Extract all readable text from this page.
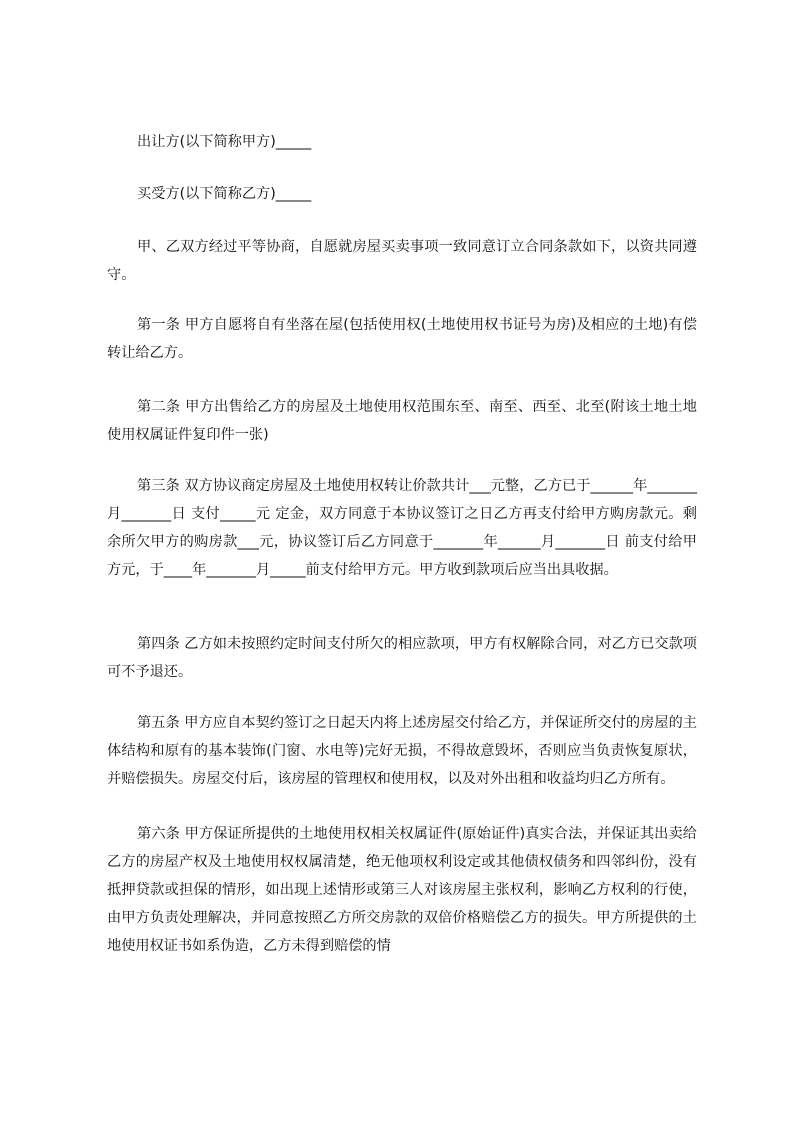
出让方(以下简称甲方)_____

买受方(以下简称乙方)_____

甲、乙双方经过平等协商，自愿就房屋买卖事项一致同意订立合同条款如下，以资共同遵守。

第一条 甲方自愿将自有坐落在屋(包括使用权(土地使用权书证号为房)及相应的土地)有偿转让给乙方。

第二条 甲方出售给乙方的房屋及土地使用权范围东至、南至、西至、北至(附该土地土地使用权属证件复印件一张)

第三条 双方协议商定房屋及土地使用权转让价款共计___元整，乙方已于______年_______月_______日 支付_____元 定金，双方同意于本协议签订之日乙方再支付给甲方购房款元。剩余所欠甲方的购房款___元，协议签订后乙方同意于_______年______月_______日 前支付给甲方元，于____年_______月_____前支付给甲方元。甲方收到款项后应当出具收据。

第四条 乙方如未按照约定时间支付所欠的相应款项，甲方有权解除合同，对乙方已交款项可不予退还。

第五条 甲方应自本契约签订之日起天内将上述房屋交付给乙方，并保证所交付的房屋的主体结构和原有的基本装饰(门窗、水电等)完好无损，不得故意毁坏，否则应当负责恢复原状，并赔偿损失。房屋交付后，该房屋的管理权和使用权，以及对外出租和收益均归乙方所有。

第六条 甲方保证所提供的土地使用权相关权属证件(原始证件)真实合法，并保证其出卖给乙方的房屋产权及土地使用权权属清楚，绝无他项权利设定或其他债权债务和四邻纠份，没有抵押贷款或担保的情形，如出现上述情形或第三人对该房屋主张权利，影响乙方权利的行使，由甲方负责处理解决，并同意按照乙方所交房款的双倍价格赔偿乙方的损失。甲方所提供的土地使用权证书如系伪造，乙方未得到赔偿的情
